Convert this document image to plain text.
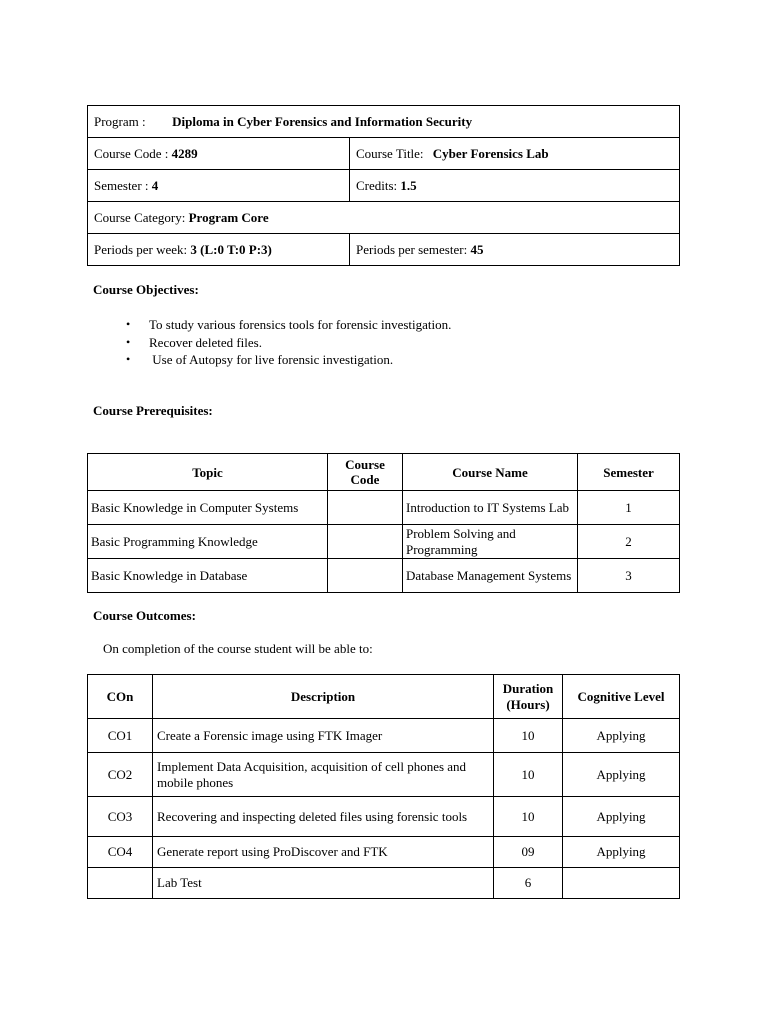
Program : Diploma in Cyber Forensics and Information Security	
Course Code : 4289	Course Title: Cyber Forensics Lab
Semester : 4	Credits: 1.5
Course Category: Program Core	
Periods per week: 3 (L:0 T:0 P:3)	Periods per semester: 45
Course Objectives:
• To study various forensics tools for forensic investigation.
• Recover deleted files.
• Use of Autopsy for live forensic investigation.
Course Prerequisites:
Topic	Course Code	Course Name	Semester
Basic Knowledge in Computer Systems		Introduction to IT Systems Lab	1
Basic Programming Knowledge		Problem Solving and Programming	2
Basic Knowledge in Database		Database Management Systems	3
Course Outcomes:
On completion of the course student will be able to:
COn	Description	Duration (Hours)	Cognitive Level
CO1	Create a Forensic image using FTK Imager	10	Applying
CO2	Implement Data Acquisition, acquisition of cell phones and mobile phones	10	Applying
CO3	Recovering and inspecting deleted files using forensic tools	10	Applying
CO4	Generate report using ProDiscover and FTK	09	Applying
	Lab Test	6	
